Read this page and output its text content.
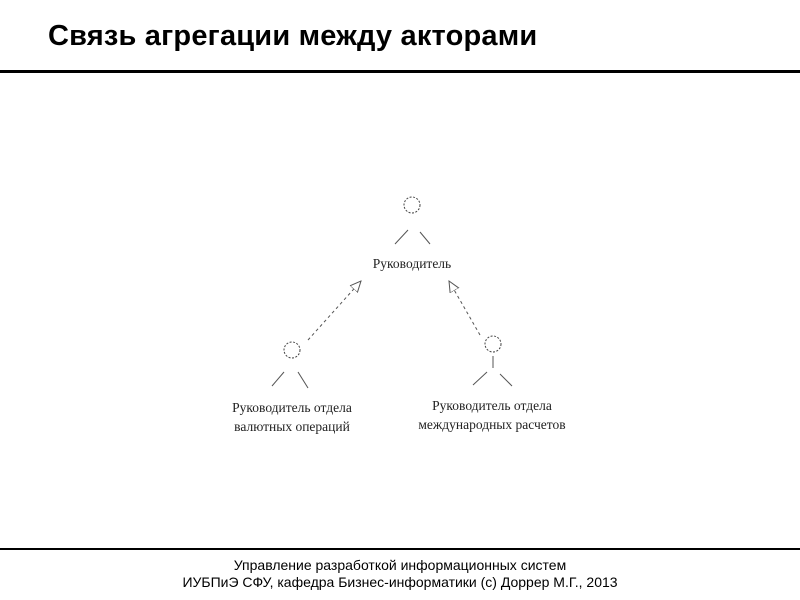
Связь агрегации между акторами
Руководитель
Руководитель отдела
валютных операций
Руководитель отдела
международных расчетов
Управление разработкой информационных систем
ИУБПиЭ СФУ, кафедра Бизнес-информатики (с) Доррер М.Г., 2013
